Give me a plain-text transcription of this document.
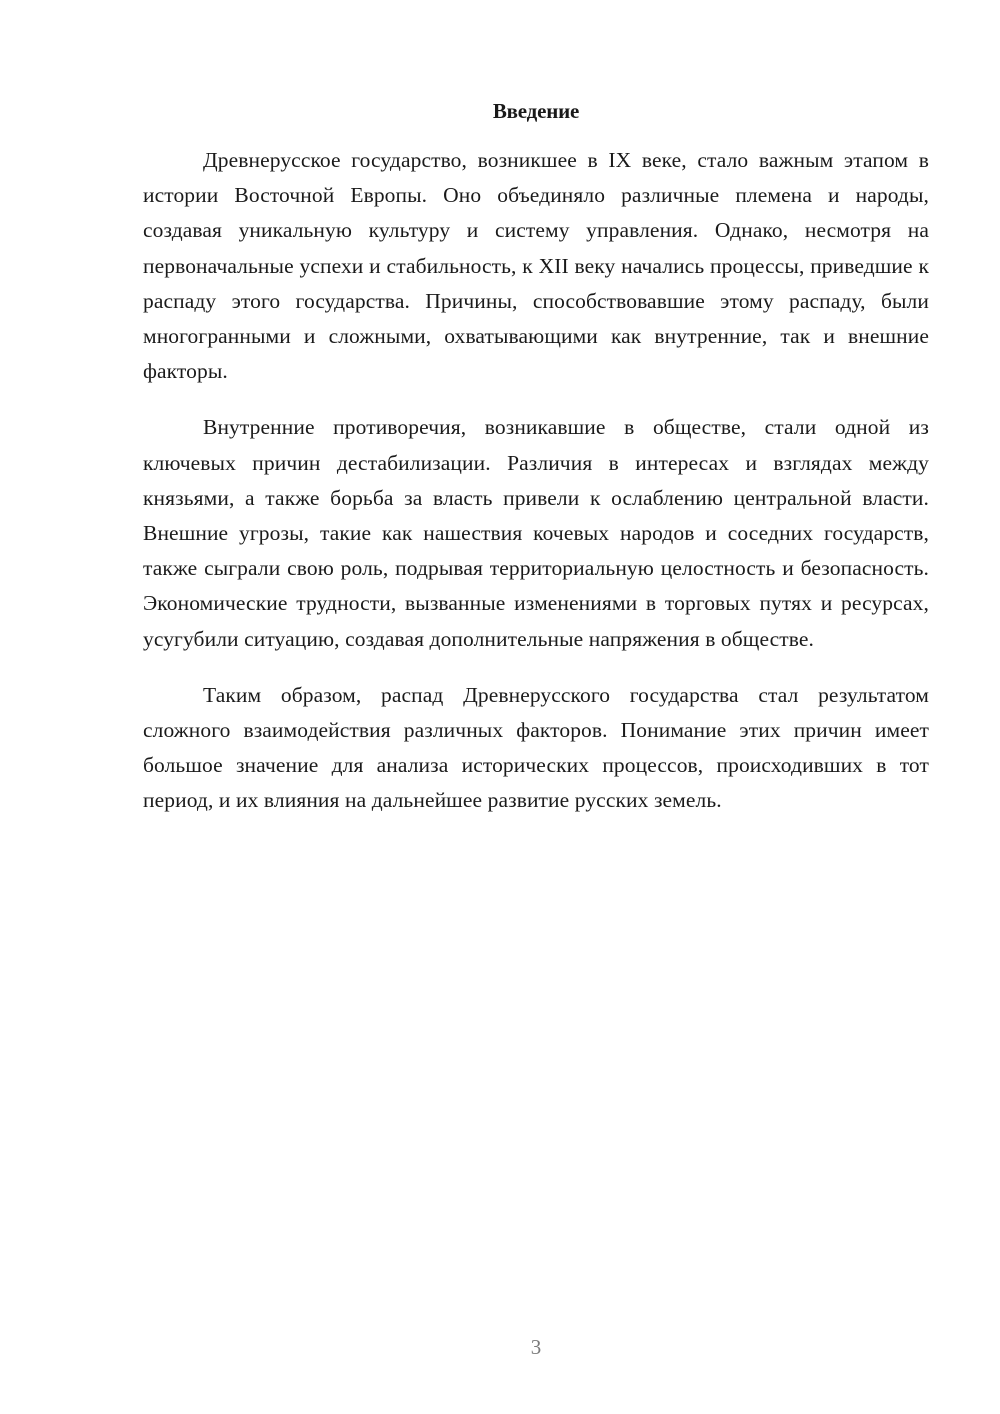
Введение

Древнерусское государство, возникшее в IX веке, стало важным этапом в истории Восточной Европы. Оно объединяло различные племена и народы, создавая уникальную культуру и систему управления. Однако, несмотря на первоначальные успехи и стабильность, к XII веку начались процессы, приведшие к распаду этого государства. Причины, способствовавшие этому распаду, были многогранными и сложными, охватывающими как внутренние, так и внешние факторы.

Внутренние противоречия, возникавшие в обществе, стали одной из ключевых причин дестабилизации. Различия в интересах и взглядах между князьями, а также борьба за власть привели к ослаблению центральной власти. Внешние угрозы, такие как нашествия кочевых народов и соседних государств, также сыграли свою роль, подрывая территориальную целостность и безопасность. Экономические трудности, вызванные изменениями в торговых путях и ресурсах, усугубили ситуацию, создавая дополнительные напряжения в обществе.

Таким образом, распад Древнерусского государства стал результатом сложного взаимодействия различных факторов. Понимание этих причин имеет большое значение для анализа исторических процессов, происходивших в тот период, и их влияния на дальнейшее развитие русских земель.

3
